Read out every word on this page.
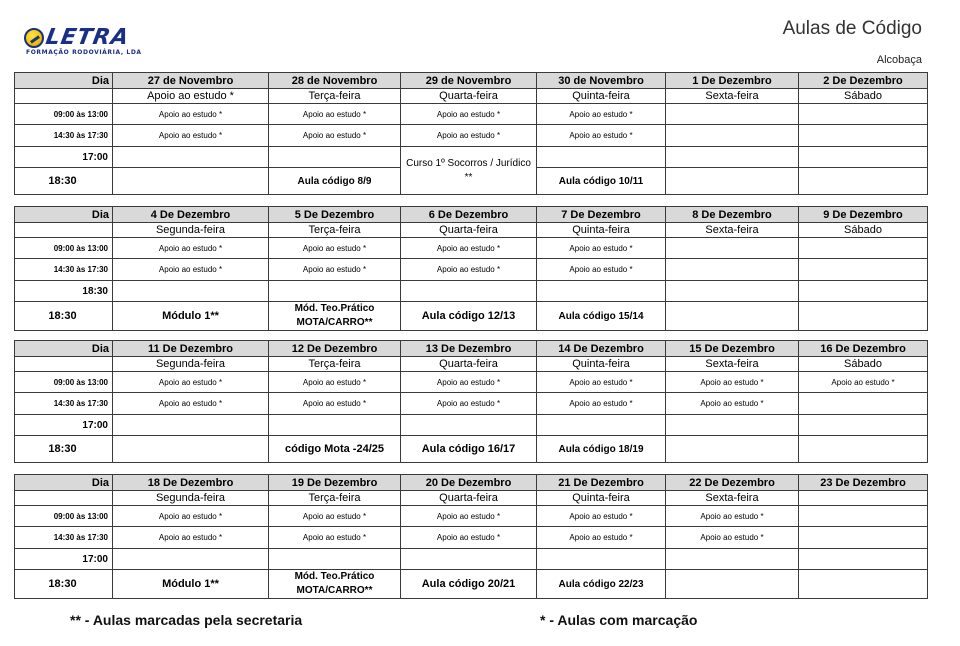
LETRA
FORMAÇÃO RODOVIÁRIA, LDA
Aulas de Código
Alcobaça
Dia	27 de Novembro	28 de Novembro	29 de Novembro	30 de Novembro	1 De Dezembro	2 De Dezembro
	Apoio ao estudo *	Terça-feira	Quarta-feira	Quinta-feira	Sexta-feira	Sábado
09:00 às 13:00	Apoio ao estudo *	Apoio ao estudo *	Apoio ao estudo *	Apoio ao estudo *		
14:30 às 17:30	Apoio ao estudo *	Apoio ao estudo *	Apoio ao estudo *	Apoio ao estudo *		
17:00			Curso 1º Socorros / Jurídico **			
18:30		Aula código 8/9		Aula código 10/11		
Dia	4 De Dezembro	5 De Dezembro	6 De Dezembro	7 De Dezembro	8 De Dezembro	9 De Dezembro
	Segunda-feira	Terça-feira	Quarta-feira	Quinta-feira	Sexta-feira	Sábado
09:00 às 13:00	Apoio ao estudo *	Apoio ao estudo *	Apoio ao estudo *	Apoio ao estudo *		
14:30 às 17:30	Apoio ao estudo *	Apoio ao estudo *	Apoio ao estudo *	Apoio ao estudo *		
18:30						
18:30	Módulo 1**	Mód. Teo.Prático MOTA/CARRO**	Aula código 12/13	Aula código 15/14		
Dia	11 De Dezembro	12 De Dezembro	13 De Dezembro	14 De Dezembro	15 De Dezembro	16 De Dezembro
	Segunda-feira	Terça-feira	Quarta-feira	Quinta-feira	Sexta-feira	Sábado
09:00 às 13:00	Apoio ao estudo *	Apoio ao estudo *	Apoio ao estudo *	Apoio ao estudo *	Apoio ao estudo *	Apoio ao estudo *
14:30 às 17:30	Apoio ao estudo *	Apoio ao estudo *	Apoio ao estudo *	Apoio ao estudo *	Apoio ao estudo *	
17:00						
18:30		código Mota -24/25	Aula código 16/17	Aula código 18/19		
Dia	18 De Dezembro	19 De Dezembro	20 De Dezembro	21 De Dezembro	22 De Dezembro	23 De Dezembro
	Segunda-feira	Terça-feira	Quarta-feira	Quinta-feira	Sexta-feira	
09:00 às 13:00	Apoio ao estudo *	Apoio ao estudo *	Apoio ao estudo *	Apoio ao estudo *	Apoio ao estudo *	
14:30 às 17:30	Apoio ao estudo *	Apoio ao estudo *	Apoio ao estudo *	Apoio ao estudo *	Apoio ao estudo *	
17:00						
18:30	Módulo 1**	Mód. Teo.Prático MOTA/CARRO**	Aula código 20/21	Aula código 22/23		
** - Aulas marcadas pela secretaria	* - Aulas com marcação
